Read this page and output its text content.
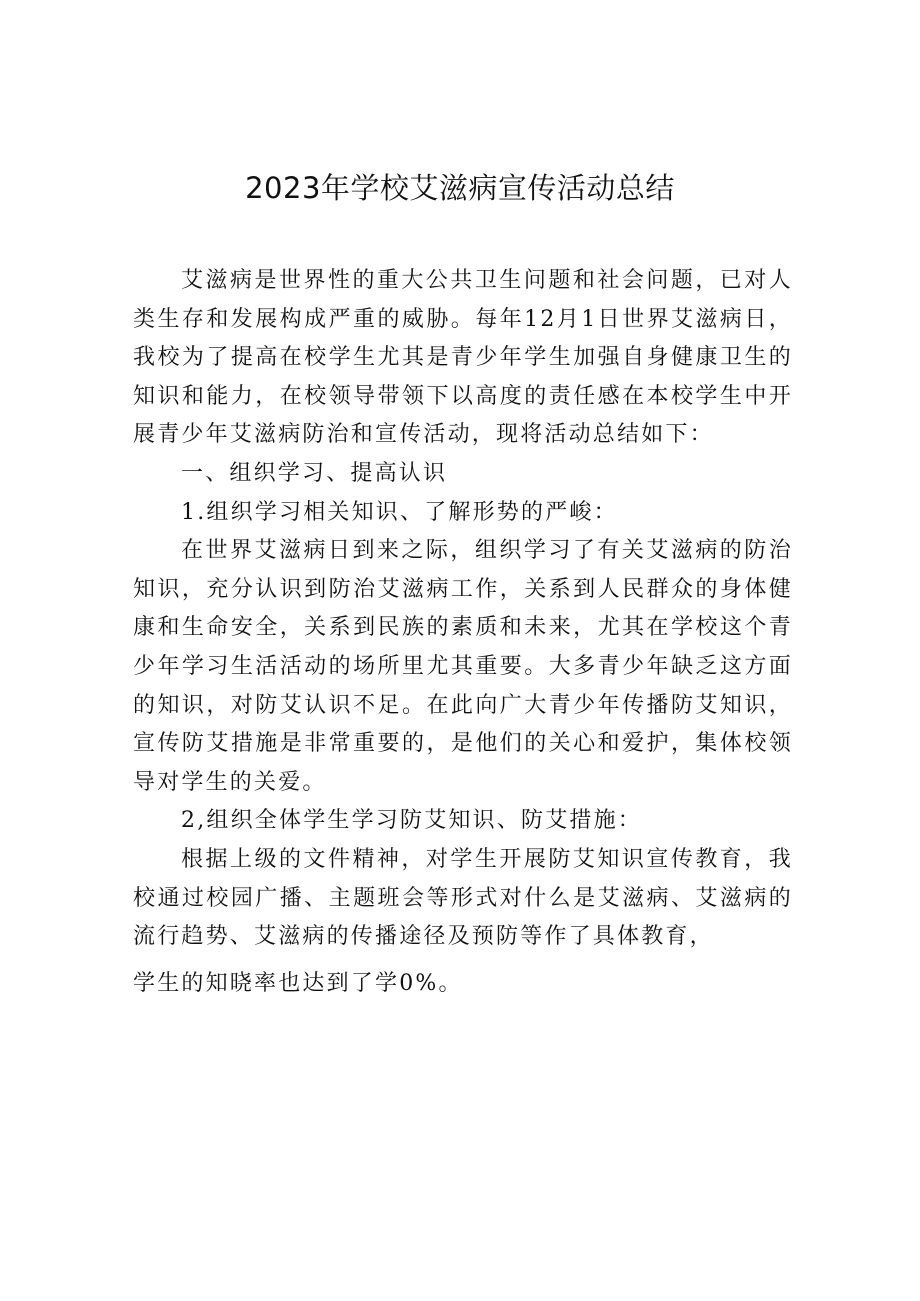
2023年学校艾滋病宣传活动总结

艾滋病是世界性的重大公共卫生问题和社会问题，已对人类生存和发展构成严重的威胁。每年12月1日世界艾滋病日，我校为了提高在校学生尤其是青少年学生加强自身健康卫生的知识和能力，在校领导带领下以高度的责任感在本校学生中开展青少年艾滋病防治和宣传活动，现将活动总结如下：

一、组织学习、提高认识

1.组织学习相关知识、了解形势的严峻：

在世界艾滋病日到来之际，组织学习了有关艾滋病的防治知识，充分认识到防治艾滋病工作，关系到人民群众的身体健康和生命安全，关系到民族的素质和未来，尤其在学校这个青少年学习生活活动的场所里尤其重要。大多青少年缺乏这方面的知识，对防艾认识不足。在此向广大青少年传播防艾知识，宣传防艾措施是非常重要的，是他们的关心和爱护，集体校领导对学生的关爱。

2,组织全体学生学习防艾知识、防艾措施：

根据上级的文件精神，对学生开展防艾知识宣传教育，我校通过校园广播、主题班会等形式对什么是艾滋病、艾滋病的流行趋势、艾滋病的传播途径及预防等作了具体教育，

学生的知晓率也达到了学0%。
